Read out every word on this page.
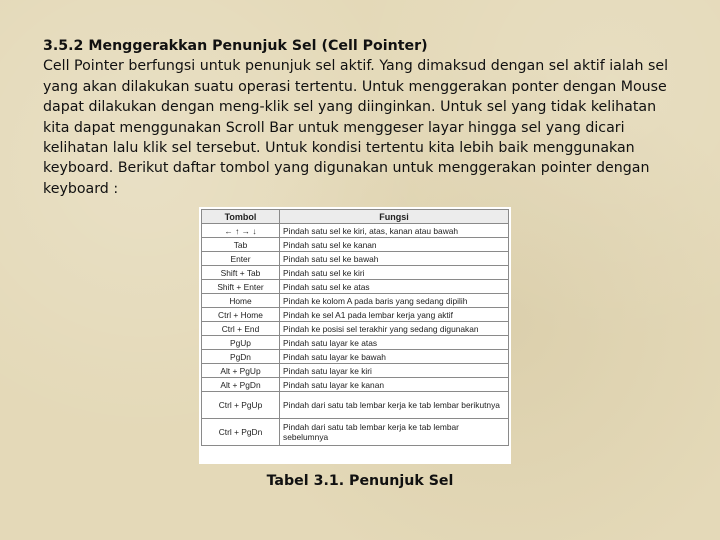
3.5.2 Menggerakkan Penunjuk Sel (Cell Pointer)
Cell Pointer berfungsi untuk penunjuk sel aktif. Yang dimaksud dengan sel aktif ialah sel yang akan dilakukan suatu operasi tertentu. Untuk menggerakan ponter dengan Mouse dapat dilakukan dengan meng-klik sel yang diinginkan. Untuk sel yang tidak kelihatan kita dapat menggunakan Scroll Bar untuk menggeser layar hingga sel yang dicari kelihatan lalu klik sel tersebut. Untuk kondisi tertentu kita lebih baik menggunakan keyboard. Berikut daftar tombol yang digunakan untuk menggerakan pointer dengan keyboard :
Tombol	Fungsi
← ↑ → ↓	Pindah satu sel ke kiri, atas, kanan atau bawah
Tab	Pindah satu sel ke kanan
Enter	Pindah satu sel ke bawah
Shift + Tab	Pindah satu sel ke kiri
Shift + Enter	Pindah satu sel ke atas
Home	Pindah ke kolom A pada baris yang sedang dipilih
Ctrl + Home	Pindah ke sel A1 pada lembar kerja yang aktif
Ctrl + End	Pindah ke posisi sel terakhir yang sedang digunakan
PgUp	Pindah satu layar ke atas
PgDn	Pindah satu layar ke bawah
Alt + PgUp	Pindah satu layar ke kiri
Alt + PgDn	Pindah satu layar ke kanan
Ctrl + PgUp	Pindah dari satu tab lembar kerja ke tab lembar berikutnya
Ctrl + PgDn	Pindah dari satu tab lembar kerja ke tab lembar sebelumnya
Tabel 3.1. Penunjuk Sel
